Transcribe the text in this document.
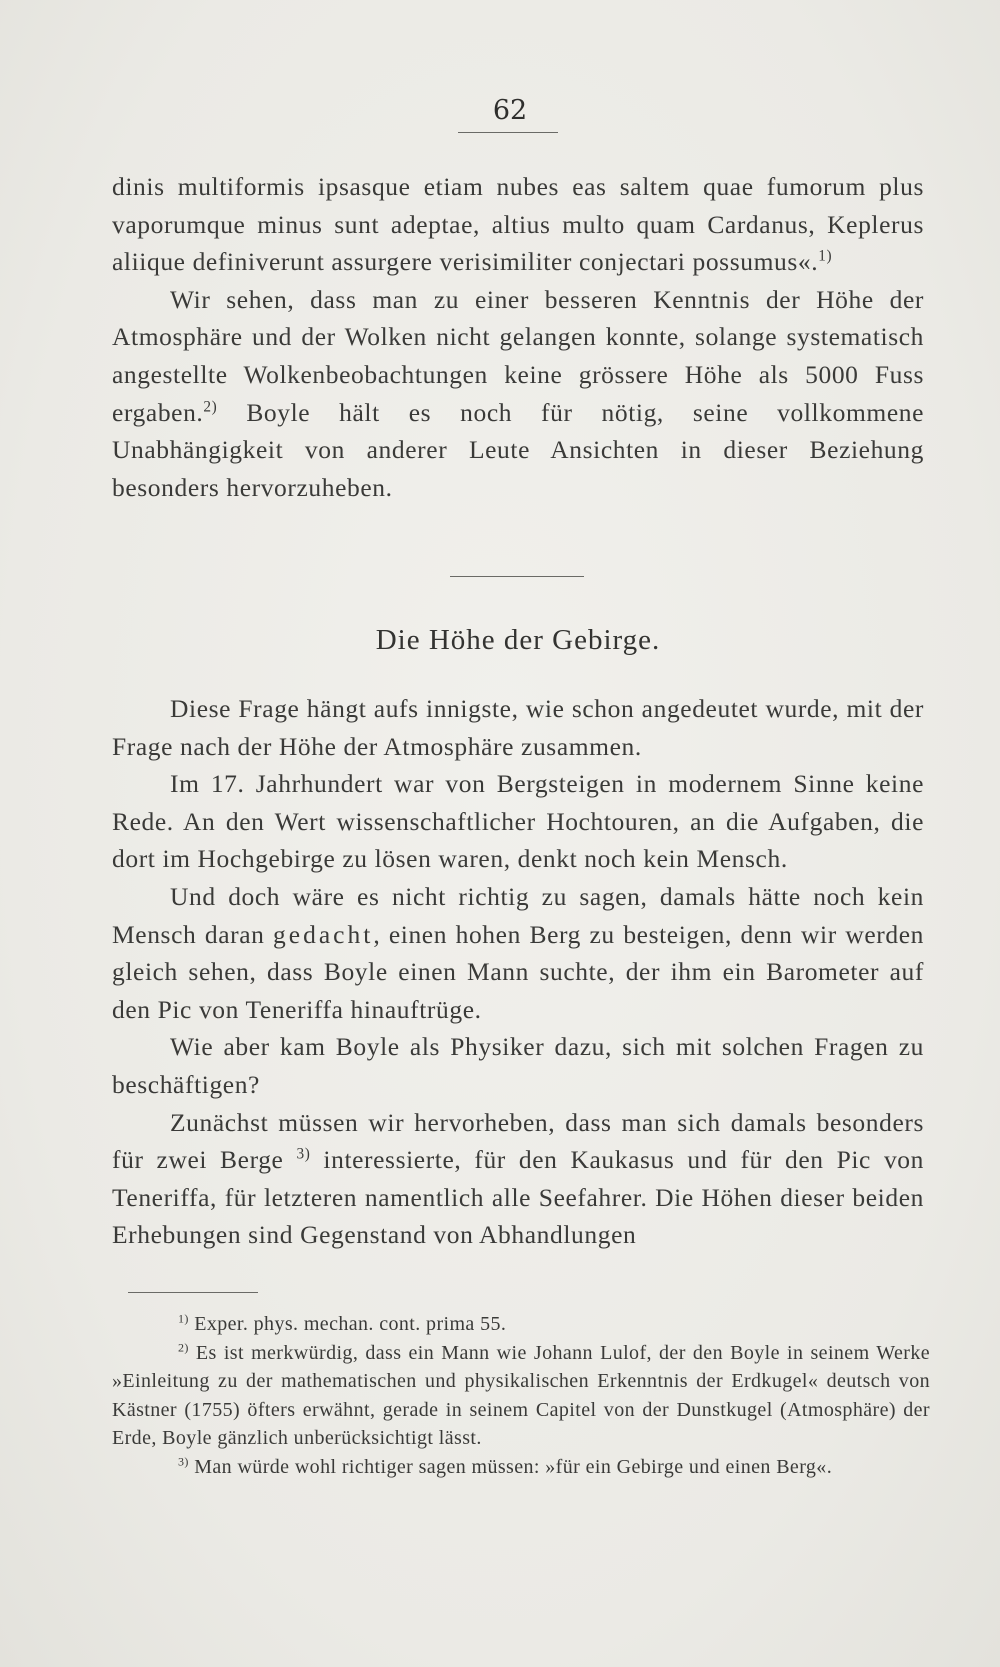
62

dinis multiformis ipsasque etiam nubes eas saltem quae fumorum plus vaporumque minus sunt adeptae, altius multo quam Cardanus, Keplerus aliique definiverunt assurgere verisimiliter conjectari possumus«.$^{1)}$

Wir sehen, dass man zu einer besseren Kenntnis der Höhe der Atmosphäre und der Wolken nicht gelangen konnte, solange systematisch angestellte Wolkenbeobachtungen keine grössere Höhe als 5000 Fuss ergaben.$^{2)}$ Boyle hält es noch für nötig, seine vollkommene Unabhängigkeit von anderer Leute Ansichten in dieser Beziehung besonders hervorzuheben.

Die Höhe der Gebirge.

Diese Frage hängt aufs innigste, wie schon angedeutet wurde, mit der Frage nach der Höhe der Atmosphäre zusammen.

Im 17. Jahrhundert war von Bergsteigen in modernem Sinne keine Rede. An den Wert wissenschaftlicher Hochtouren, an die Aufgaben, die dort im Hochgebirge zu lösen waren, denkt noch kein Mensch.

Und doch wäre es nicht richtig zu sagen, damals hätte noch kein Mensch daran gedacht, einen hohen Berg zu besteigen, denn wir werden gleich sehen, dass Boyle einen Mann suchte, der ihm ein Barometer auf den Pic von Teneriffa hinauftrüge.

Wie aber kam Boyle als Physiker dazu, sich mit solchen Fragen zu beschäftigen?

Zunächst müssen wir hervorheben, dass man sich damals besonders für zwei Berge $^{3)}$ interessierte, für den Kaukasus und für den Pic von Teneriffa, für letzteren namentlich alle Seefahrer. Die Höhen dieser beiden Erhebungen sind Gegenstand von Abhandlungen

$^{1)}$ Exper. phys. mechan. cont. prima 55.

$^{2)}$ Es ist merkwürdig, dass ein Mann wie Johann Lulof, der den Boyle in seinem Werke »Einleitung zu der mathematischen und physikalischen Erkenntnis der Erdkugel« deutsch von Kästner (1755) öfters erwähnt, gerade in seinem Capitel von der Dunstkugel (Atmosphäre) der Erde, Boyle gänzlich unberücksichtigt lässt.

$^{3)}$ Man würde wohl richtiger sagen müssen: »für ein Gebirge und einen Berg«.
